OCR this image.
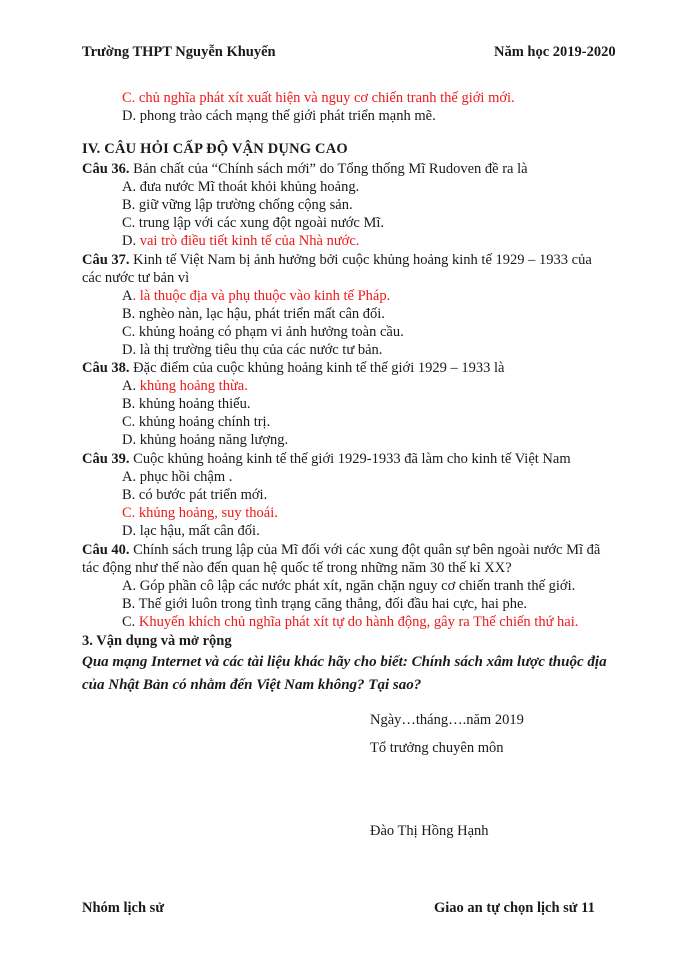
Trường THPT Nguyễn Khuyến	Năm học 2019-2020
C. chủ nghĩa phát xít xuất hiện và nguy cơ chiến tranh thế giới mới.
D. phong trào cách mạng thế giới phát triển mạnh mẽ.
IV. CÂU HỎI CẤP ĐỘ VẬN DỤNG CAO
Câu 36. Bản chất của “Chính sách mới” do Tổng thống Mĩ Rudoven đề ra là
A. đưa nước Mĩ thoát khỏi khủng hoảng.
B. giữ vững lập trường chống cộng sản.
C. trung lập với các xung đột ngoài nước Mĩ.
D. vai trò điều tiết kinh tế của Nhà nước.
Câu 37. Kinh tế Việt Nam bị ảnh hưởng bởi cuộc khủng hoảng kinh tế 1929 – 1933 của
các nước tư bản vì
A. là thuộc địa và phụ thuộc vào kinh tế Pháp.
B. nghèo nàn, lạc hậu, phát triển mất cân đối.
C. khủng hoảng có phạm vi ảnh hưởng toàn cầu.
D. là thị trường tiêu thụ của các nước tư bản.
Câu 38. Đặc điểm của cuộc khủng hoảng kinh tế thế giới 1929 – 1933 là
A. khủng hoảng thừa.
B. khủng hoảng thiếu.
C. khủng hoảng chính trị.
D. khủng hoảng năng lượng.
Câu 39. Cuộc khủng hoảng kinh tế thế giới 1929-1933 đã làm cho kinh tế Việt Nam
A. phục hồi chậm .
B. có bước pát triển mới.
C. khủng hoảng, suy thoái.
D. lạc hậu, mất cân đối.
Câu 40. Chính sách trung lập của Mĩ đối với các xung đột quân sự bên ngoài nước Mĩ đã
tác động như thế nào đến quan hệ quốc tế trong những năm 30 thế kỉ XX?
A. Góp phần cô lập các nước phát xít, ngăn chặn nguy cơ chiến tranh thế giới.
B. Thế giới luôn trong tình trạng căng thẳng, đối đầu hai cực, hai phe.
C. Khuyến khích chủ nghĩa phát xít tự do hành động, gây ra Thế chiến thứ hai.
3. Vận dụng và mở rộng
Qua mạng Internet và các tài liệu khác hãy cho biết: Chính sách xâm lược thuộc địa
của Nhật Bản có nhằm đến Việt Nam không? Tại sao?
Ngày…tháng….năm 2019
Tổ trưởng chuyên môn
Đào Thị Hồng Hạnh
Nhóm lịch sử	Giao an tự chọn lịch sử 11
